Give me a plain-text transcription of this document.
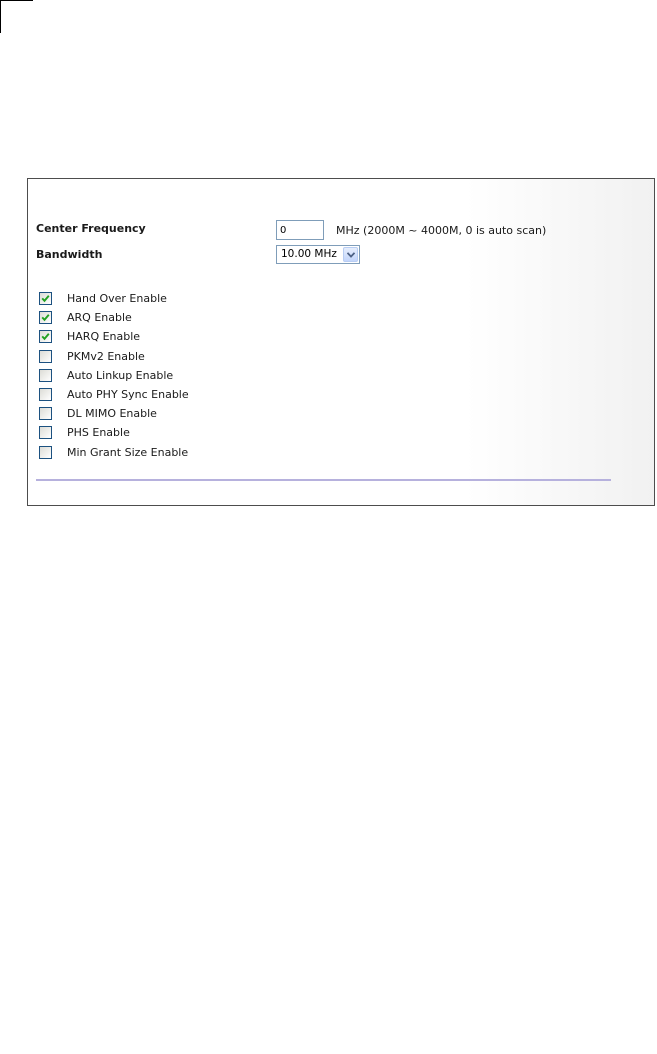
Center Frequency
0	MHz (2000M ~ 4000M, 0 is auto scan)
Bandwidth	10.00 MHz
Hand Over Enable
ARQ Enable
HARQ Enable
PKMv2 Enable
Auto Linkup Enable
Auto PHY Sync Enable
DL MIMO Enable
PHS Enable
Min Grant Size Enable
